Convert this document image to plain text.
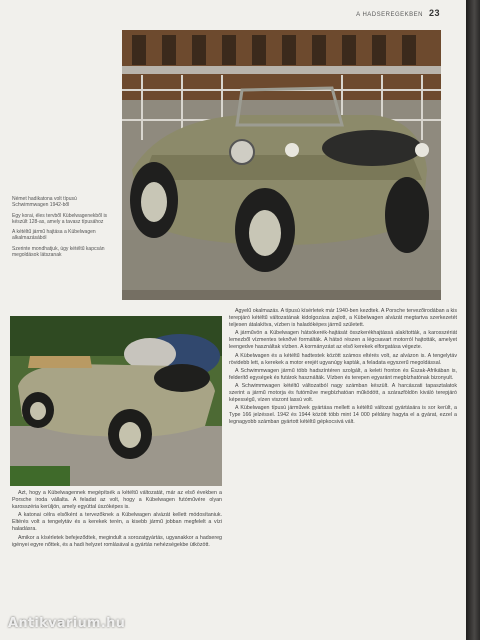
A HADSEREGEKBEN 23

Német hadikatona volt típusú Schwimmwagen 1942-ből

Egy korai, éles tervből Kübelwagenekből is készült 128-as, amely a tavasz típusához

A kétéltű jármű hajtása a Kübelwagen alkalmazásából

Szerinte mondhatjuk, úgy kétéltű kapcsán megoldások látszanak

Agyelű okalmazás. A típusú kísérletek már 1940-ben kezdtek. A Porsche tervezőirodában a kis terepjáró kétéltű változatának kidolgozása zajlott, a Kübelwagen alvázát megtartva szerkezetét teljesen átalakítva, vízben is haladóképes jármű született.

A járművön a Kübelwagen hátsókerék-hajtását összkerékhajtássá alakították, a karosszériát lemezből vízmentes teknővé formálták. A hátsó részen a légcsavart motorról hajtották, amelyet leengedve használtak vízben. A kormányzást az első kerekek elforgatása végezte.

A Kübelwagen és a kétéltű hadtestek között számos eltérés volt, az alvázon is. A tengelytáv rövidebb lett, a kerekek a motor erejét ugyanúgy kapták, a feladata egyszerű megoldással.

A Schwimmwagen jármű több hadszíntéren szolgált, a keleti fronton és Észak-Afrikában is, felderítő egységek és futárok használták. Vízben és terepen egyaránt megbízhatónak bizonyult.

A Schwimmwagen kétéltű változatból nagy számban készült. A harcászati tapasztalatok szerint a jármű motorja és futóműve megbízhatóan működött, a szárazföldön kiváló terepjáró képességű, vízen viszont lassú volt.

A Kübelwagen típusú járművek gyártása mellett a kétéltű változat gyártására is sor került, a Type 166 jelzéssel. 1942 és 1944 között több mint 14 000 példány hagyta el a gyárat, ezzel a legnagyobb számban gyártott kétéltű gépkocsivá vált.

Azt, hogy a Kübelwagennek megépítsék a kétéltű változatát, már az első években a Porsche iroda vállalta. A feladat az volt, hogy a Kübelwagen futóművére olyan karosszéria kerüljön, amely egyúttal úszóképes is.

A katonai célra elsőként a tervezőknek a Kübelwagen alvázát kellett módosítaniuk. Eltérés volt a tengelytáv és a kerekek terén, a kisebb jármű jobban megfelelt a vízi haladásra.

Amikor a kísérletek befejeződtek, megindult a sorozatgyártás, ugyanakkor a hadsereg igényei egyre nőttek, és a hadi helyzet romlásával a gyártás nehézségekbe ütközött.

Antikvarium.hu
